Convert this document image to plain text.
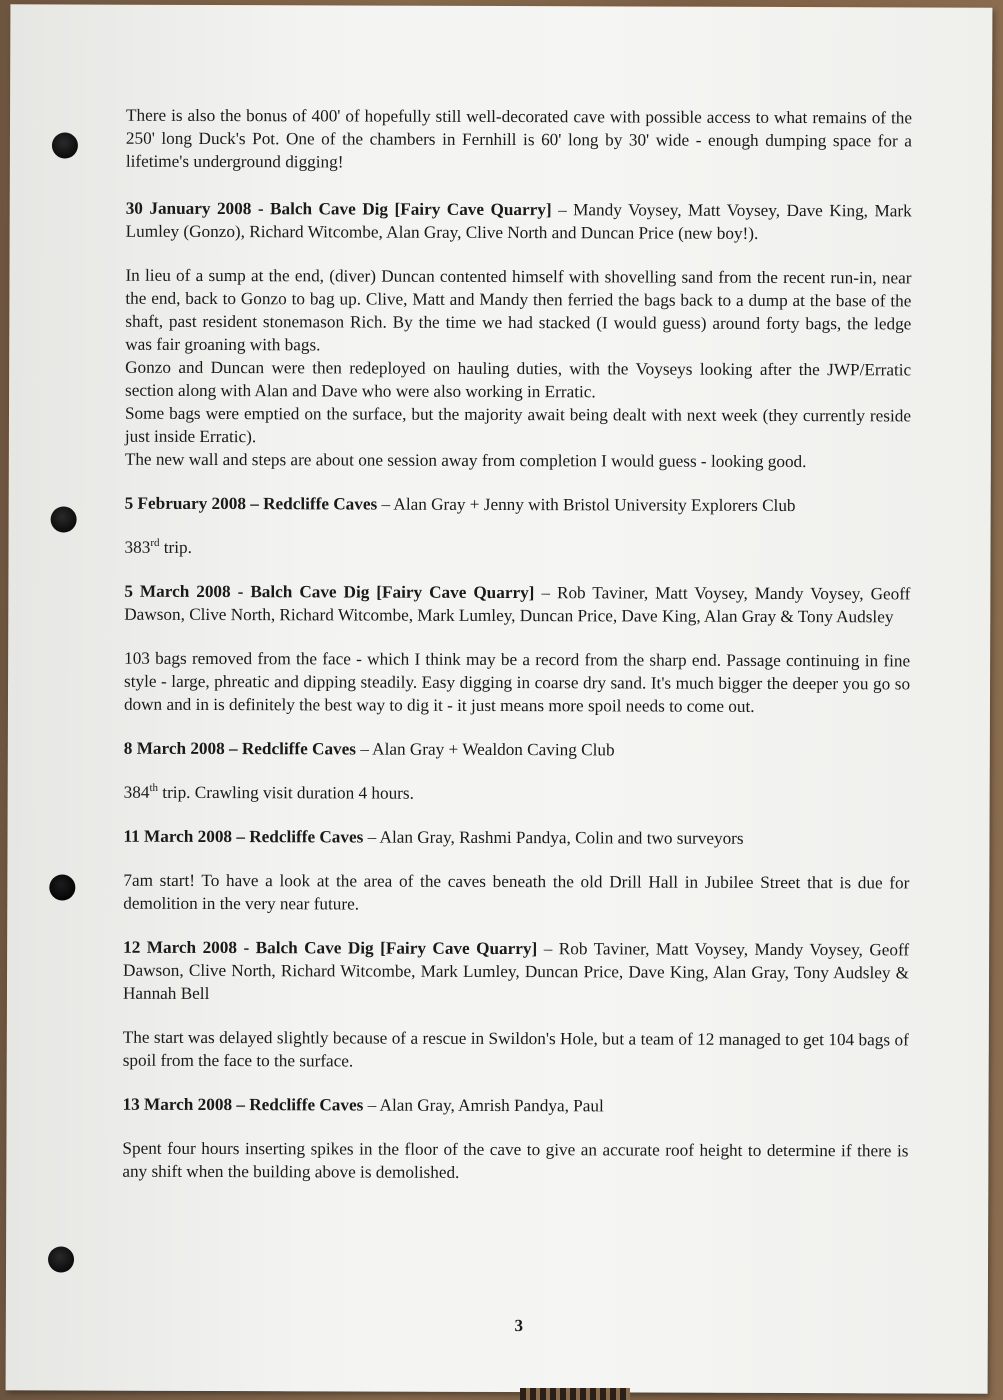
There is also the bonus of 400' of hopefully still well-decorated cave with possible access to what remains of the 250' long Duck's Pot. One of the chambers in Fernhill is 60' long by 30' wide - enough dumping space for a lifetime's underground digging!

30 January 2008 - Balch Cave Dig [Fairy Cave Quarry] – Mandy Voysey, Matt Voysey, Dave King, Mark Lumley (Gonzo), Richard Witcombe, Alan Gray, Clive North and Duncan Price (new boy!).

In lieu of a sump at the end, (diver) Duncan contented himself with shovelling sand from the recent run-in, near the end, back to Gonzo to bag up. Clive, Matt and Mandy then ferried the bags back to a dump at the base of the shaft, past resident stonemason Rich. By the time we had stacked (I would guess) around forty bags, the ledge was fair groaning with bags.

Gonzo and Duncan were then redeployed on hauling duties, with the Voyseys looking after the JWP/Erratic section along with Alan and Dave who were also working in Erratic.

Some bags were emptied on the surface, but the majority await being dealt with next week (they currently reside just inside Erratic).

The new wall and steps are about one session away from completion I would guess - looking good.

5 February 2008 – Redcliffe Caves – Alan Gray + Jenny with Bristol University Explorers Club

383rd trip.

5 March 2008 - Balch Cave Dig [Fairy Cave Quarry] – Rob Taviner, Matt Voysey, Mandy Voysey, Geoff Dawson, Clive North, Richard Witcombe, Mark Lumley, Duncan Price, Dave King, Alan Gray & Tony Audsley

103 bags removed from the face - which I think may be a record from the sharp end. Passage continuing in fine style - large, phreatic and dipping steadily. Easy digging in coarse dry sand. It's much bigger the deeper you go so down and in is definitely the best way to dig it - it just means more spoil needs to come out.

8 March 2008 – Redcliffe Caves – Alan Gray + Wealdon Caving Club

384th trip. Crawling visit duration 4 hours.

11 March 2008 – Redcliffe Caves – Alan Gray, Rashmi Pandya, Colin and two surveyors

7am start! To have a look at the area of the caves beneath the old Drill Hall in Jubilee Street that is due for demolition in the very near future.

12 March 2008 - Balch Cave Dig [Fairy Cave Quarry] – Rob Taviner, Matt Voysey, Mandy Voysey, Geoff Dawson, Clive North, Richard Witcombe, Mark Lumley, Duncan Price, Dave King, Alan Gray, Tony Audsley & Hannah Bell

The start was delayed slightly because of a rescue in Swildon's Hole, but a team of 12 managed to get 104 bags of spoil from the face to the surface.

13 March 2008 – Redcliffe Caves – Alan Gray, Amrish Pandya, Paul

Spent four hours inserting spikes in the floor of the cave to give an accurate roof height to determine if there is any shift when the building above is demolished.

3
